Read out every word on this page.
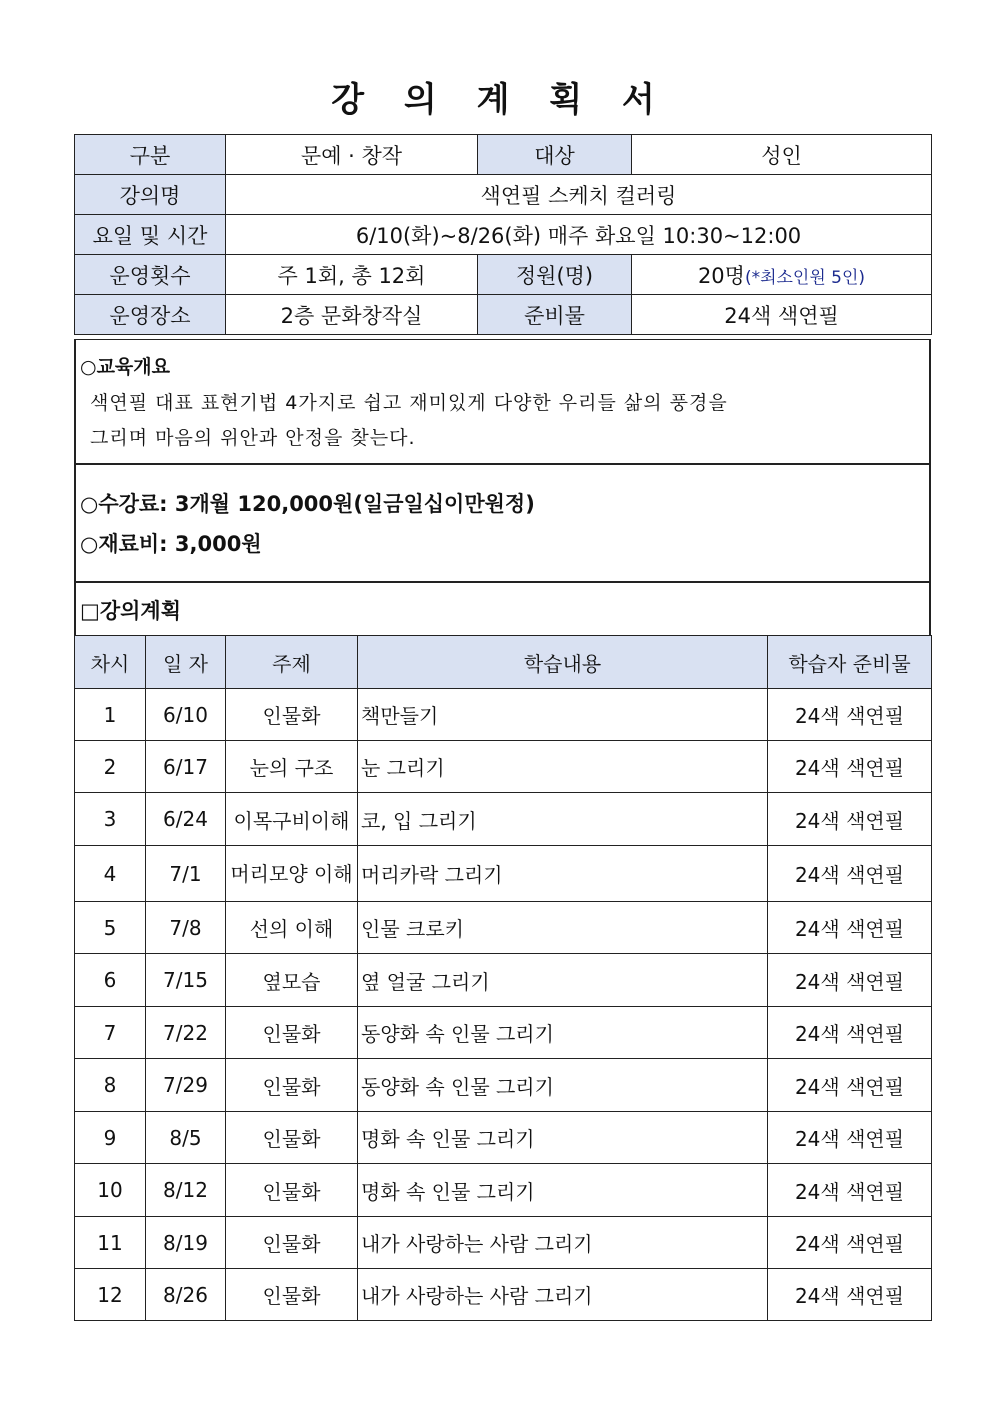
강 의 계 획 서
구분	문예 · 창작	대상	성인
강의명	색연필 스케치 컬러링		
요일 및 시간	6/10(화)~8/26(화) 매주 화요일 10:30~12:00		
운영횟수	주 1회, 총 12회	정원(명)	20명(*최소인원 5인)
운영장소	2층 문화창작실	준비물	24색 색연필
○교육개요
색연필 대표 표현기법 4가지로 쉽고 재미있게 다양한 우리들 삶의 풍경을
그리며 마음의 위안과 안정을 찾는다.
○수강료: 3개월 120,000원(일금일십이만원정)
○재료비: 3,000원
□강의계획
차시	일 자	주제	학습내용	학습자 준비물
1	6/10	인물화	책만들기	24색 색연필
2	6/17	눈의 구조	눈 그리기	24색 색연필
3	6/24	이목구비이해	코, 입 그리기	24색 색연필
4	7/1	머리모양 이해	머리카락 그리기	24색 색연필
5	7/8	선의 이해	인물 크로키	24색 색연필
6	7/15	옆모습	옆 얼굴 그리기	24색 색연필
7	7/22	인물화	동양화 속 인물 그리기	24색 색연필
8	7/29	인물화	동양화 속 인물 그리기	24색 색연필
9	8/5	인물화	명화 속 인물 그리기	24색 색연필
10	8/12	인물화	명화 속 인물 그리기	24색 색연필
11	8/19	인물화	내가 사랑하는 사람 그리기	24색 색연필
12	8/26	인물화	내가 사랑하는 사람 그리기	24색 색연필
